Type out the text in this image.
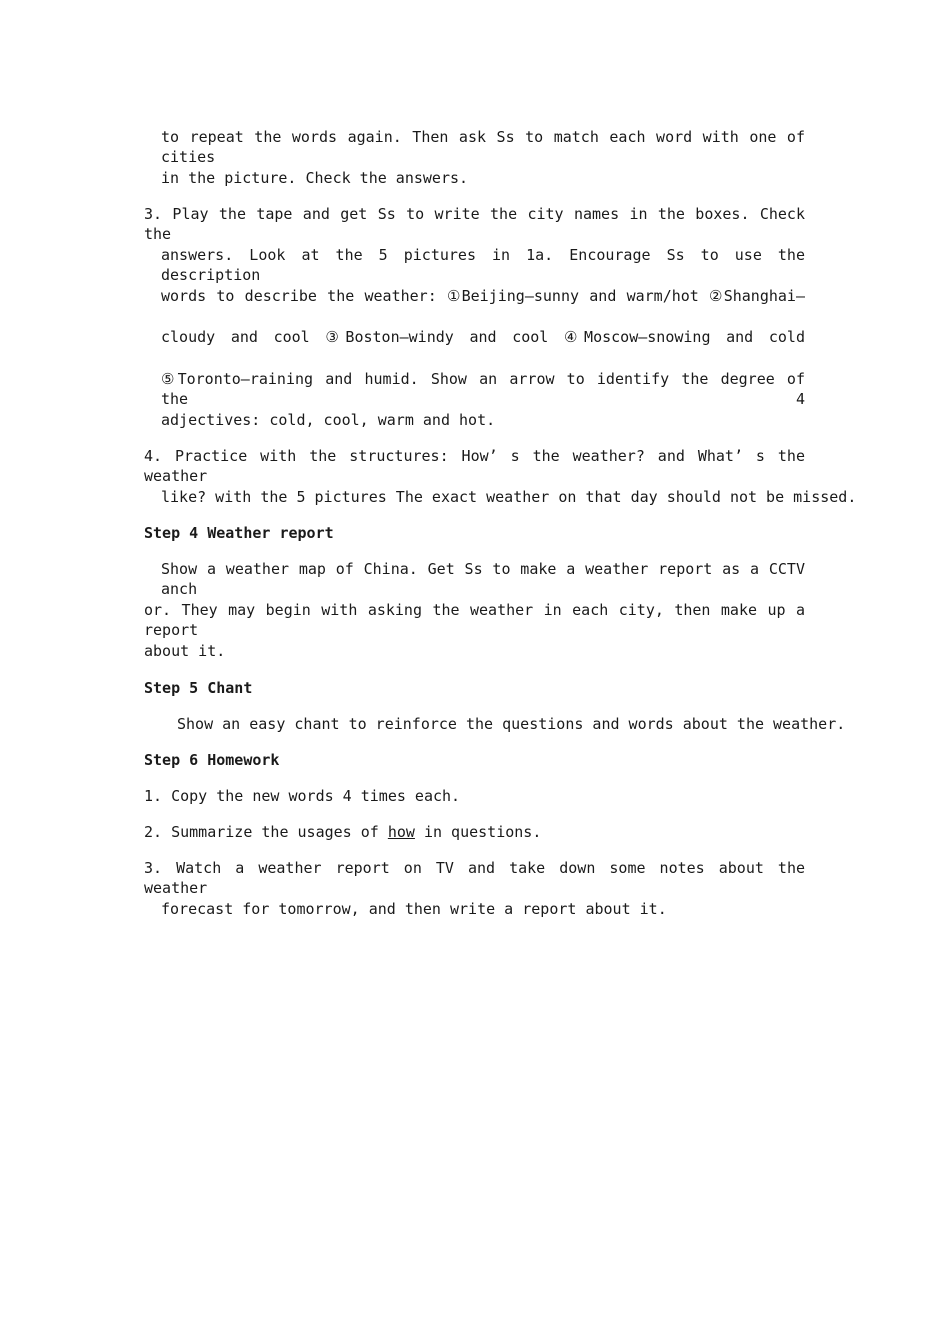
to repeat the words again. Then ask Ss to match each word with one of cities
in the picture. Check the answers.
3. Play the tape and get Ss to write the city names in the boxes. Check the
answers. Look at the 5 pictures in 1a. Encourage Ss to use the description
words to describe the weather: ①Beijing—sunny and warm/hot ②Shanghai—
cloudy and cool ③Boston—windy and cool ④Moscow—snowing and cold
⑤Toronto—raining and humid. Show an arrow to identify the degree of the 4
adjectives: cold, cool, warm and hot.
4. Practice with the structures: How’ s the weather? and What’ s the weather
like? with the 5 pictures The exact weather on that day should not be missed.
Step 4 Weather report
Show a weather map of China. Get Ss to make a weather report as a CCTV anch
or. They may begin with asking the weather in each city, then make up a report
about it.
Step 5 Chant
Show an easy chant to reinforce the questions and words about the weather.
Step 6 Homework
1. Copy the new words 4 times each.
2. Summarize the usages of how in questions.
3. Watch a weather report on TV and take down some notes about the weather
forecast for tomorrow, and then write a report about it.
